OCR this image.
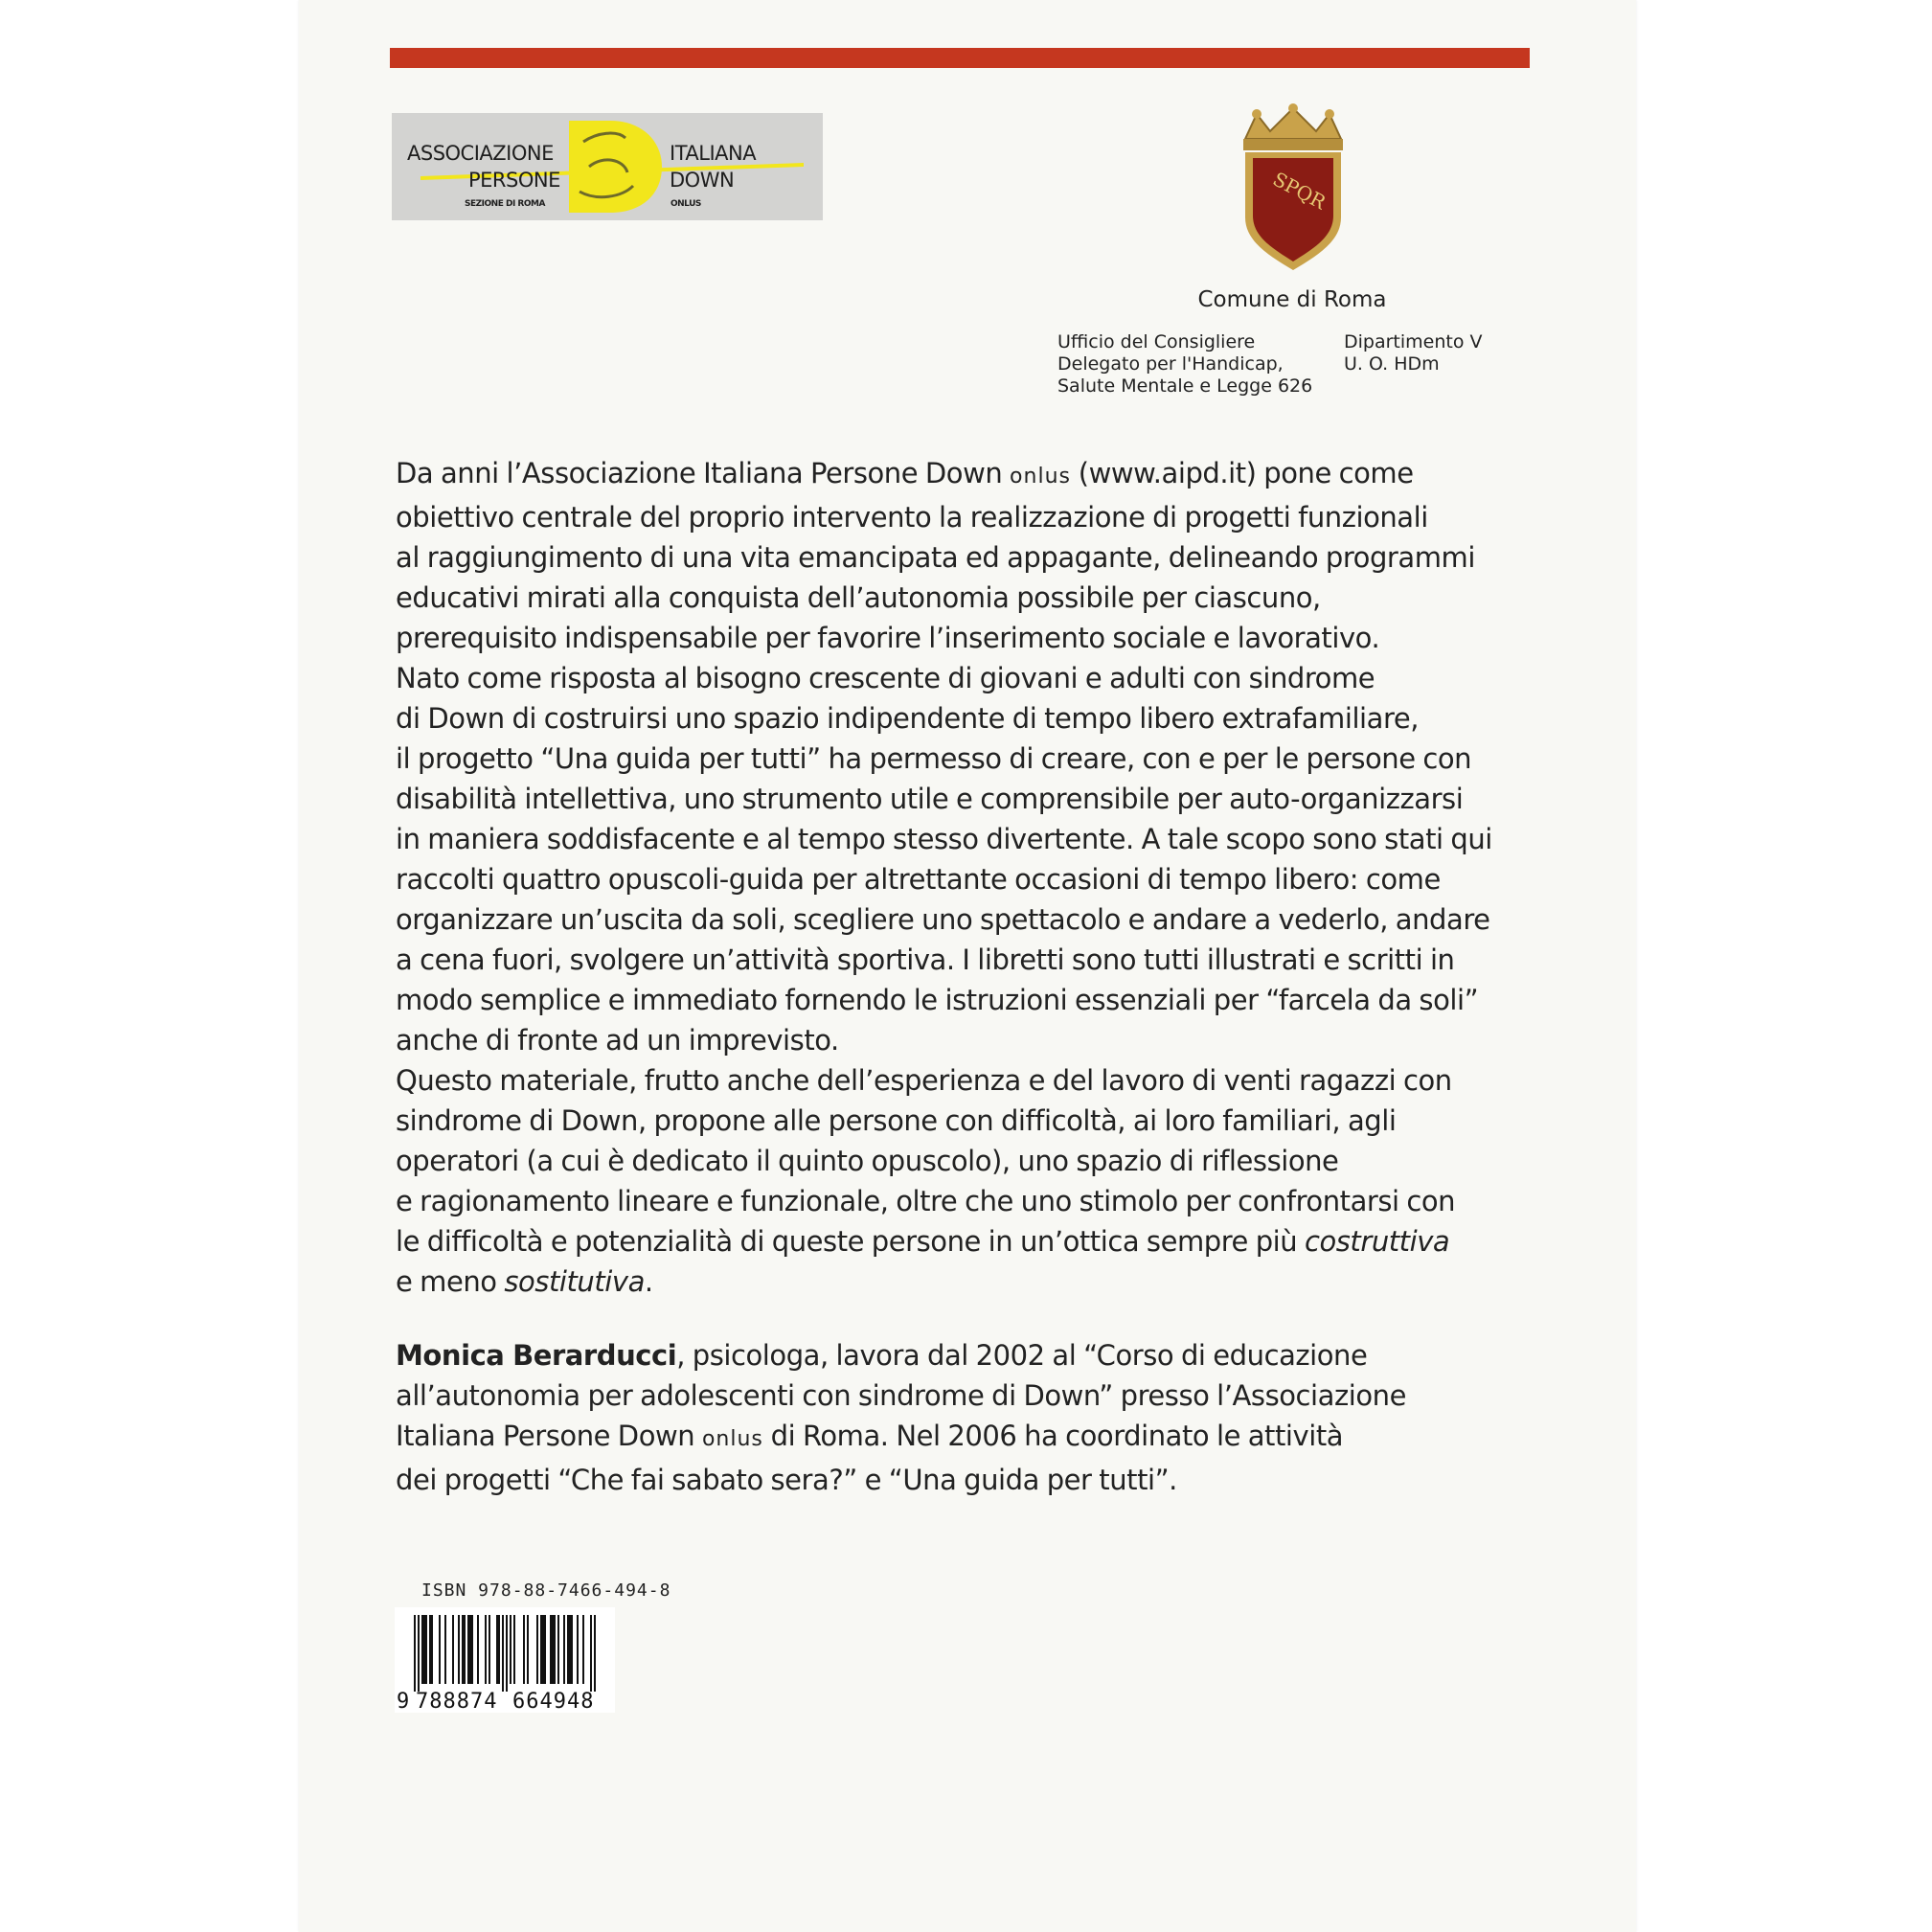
ASSOCIAZIONE	ITALIANA
PERSONE	DOWN
SEZIONE DI ROMA	ONLUS	SPQR
Comune di Roma
Ufficio del Consigliere
Delegato per l'Handicap,
Salute Mentale e Legge 626
Dipartimento V
U. O. HDm
Da anni l’Associazione Italiana Persone Down onlus (www.aipd.it) pone come
obiettivo centrale del proprio intervento la realizzazione di progetti funzionali
al raggiungimento di una vita emancipata ed appagante, delineando programmi
educativi mirati alla conquista dell’autonomia possibile per ciascuno,
prerequisito indispensabile per favorire l’inserimento sociale e lavorativo.
Nato come risposta al bisogno crescente di giovani e adulti con sindrome
di Down di costruirsi uno spazio indipendente di tempo libero extrafamiliare,
il progetto “Una guida per tutti” ha permesso di creare, con e per le persone con
disabilità intellettiva, uno strumento utile e comprensibile per auto-organizzarsi
in maniera soddisfacente e al tempo stesso divertente. A tale scopo sono stati qui
raccolti quattro opuscoli-guida per altrettante occasioni di tempo libero: come
organizzare un’uscita da soli, scegliere uno spettacolo e andare a vederlo, andare
a cena fuori, svolgere un’attività sportiva. I libretti sono tutti illustrati e scritti in
modo semplice e immediato fornendo le istruzioni essenziali per “farcela da soli”
anche di fronte ad un imprevisto.
Questo materiale, frutto anche dell’esperienza e del lavoro di venti ragazzi con
sindrome di Down, propone alle persone con difficoltà, ai loro familiari, agli
operatori (a cui è dedicato il quinto opuscolo), uno spazio di riflessione
e ragionamento lineare e funzionale, oltre che uno stimolo per confrontarsi con
le difficoltà e potenzialità di queste persone in un’ottica sempre più costruttiva
e meno sostitutiva.
Monica Berarducci, psicologa, lavora dal 2002 al “Corso di educazione
all’autonomia per adolescenti con sindrome di Down” presso l’Associazione
Italiana Persone Down onlus di Roma. Nel 2006 ha coordinato le attività
dei progetti “Che fai sabato sera?” e “Una guida per tutti”.
ISBN 978-88-7466-494-8
9 788874 664948
